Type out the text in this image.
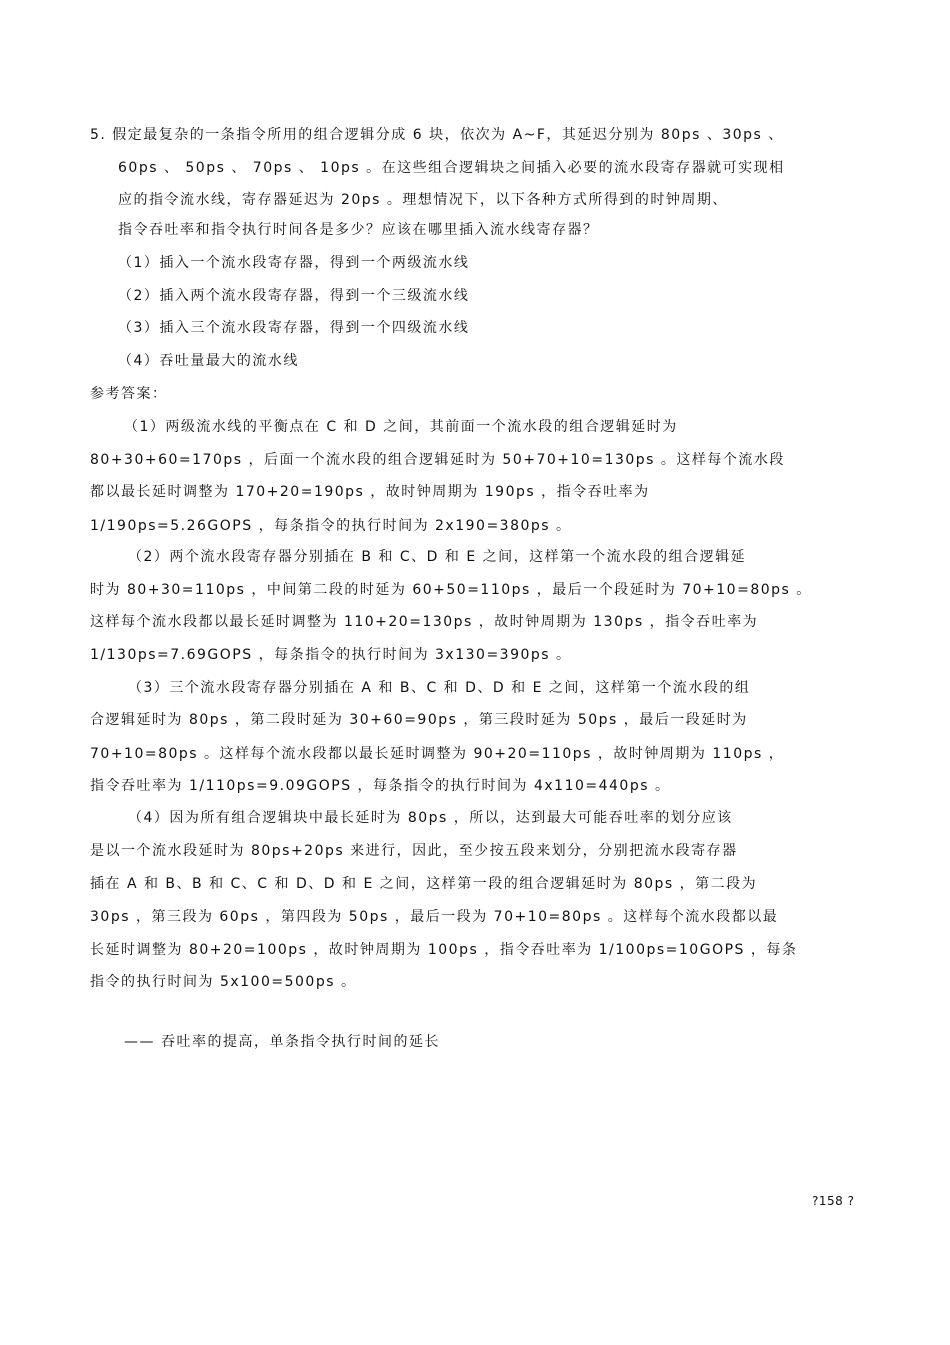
5. 假定最复杂的一条指令所用的组合逻辑分成 6 块，依次为 A~F，其延迟分别为 80ps 、30ps 、
60ps 、 50ps 、 70ps 、 10ps 。在这些组合逻辑块之间插入必要的流水段寄存器就可实现相
应的指令流水线，寄存器延迟为 20ps 。理想情况下，以下各种方式所得到的时钟周期、
指令吞吐率和指令执行时间各是多少？应该在哪里插入流水线寄存器？
（1）插入一个流水段寄存器，得到一个两级流水线
（2）插入两个流水段寄存器，得到一个三级流水线
（3）插入三个流水段寄存器，得到一个四级流水线
（4）吞吐量最大的流水线
参考答案：
（1）两级流水线的平衡点在 C 和 D 之间，其前面一个流水段的组合逻辑延时为
80+30+60=170ps ，后面一个流水段的组合逻辑延时为 50+70+10=130ps 。这样每个流水段
都以最长延时调整为 170+20=190ps ，故时钟周期为 190ps ，指令吞吐率为
1/190ps=5.26GOPS ，每条指令的执行时间为 2x190=380ps 。
（2）两个流水段寄存器分别插在 B 和 C、D 和 E 之间，这样第一个流水段的组合逻辑延
时为 80+30=110ps ，中间第二段的时延为 60+50=110ps ，最后一个段延时为 70+10=80ps 。
这样每个流水段都以最长延时调整为 110+20=130ps ，故时钟周期为 130ps ，指令吞吐率为
1/130ps=7.69GOPS ，每条指令的执行时间为 3x130=390ps 。
（3）三个流水段寄存器分别插在 A 和 B、C 和 D、D 和 E 之间，这样第一个流水段的组
合逻辑延时为 80ps ，第二段时延为 30+60=90ps ，第三段时延为 50ps ，最后一段延时为
70+10=80ps 。这样每个流水段都以最长延时调整为 90+20=110ps ，故时钟周期为 110ps ，
指令吞吐率为 1/110ps=9.09GOPS ，每条指令的执行时间为 4x110=440ps 。
（4）因为所有组合逻辑块中最长延时为 80ps ，所以，达到最大可能吞吐率的划分应该
是以一个流水段延时为 80ps+20ps 来进行，因此，至少按五段来划分，分别把流水段寄存器
插在 A 和 B、B 和 C、C 和 D、D 和 E 之间，这样第一段的组合逻辑延时为 80ps ，第二段为
30ps ，第三段为 60ps ，第四段为 50ps ，最后一段为 70+10=80ps 。这样每个流水段都以最
长延时调整为 80+20=100ps ，故时钟周期为 100ps ，指令吞吐率为 1/100ps=10GOPS ，每条
指令的执行时间为 5x100=500ps 。
—— 吞吐率的提高，单条指令执行时间的延长
?158 ?
